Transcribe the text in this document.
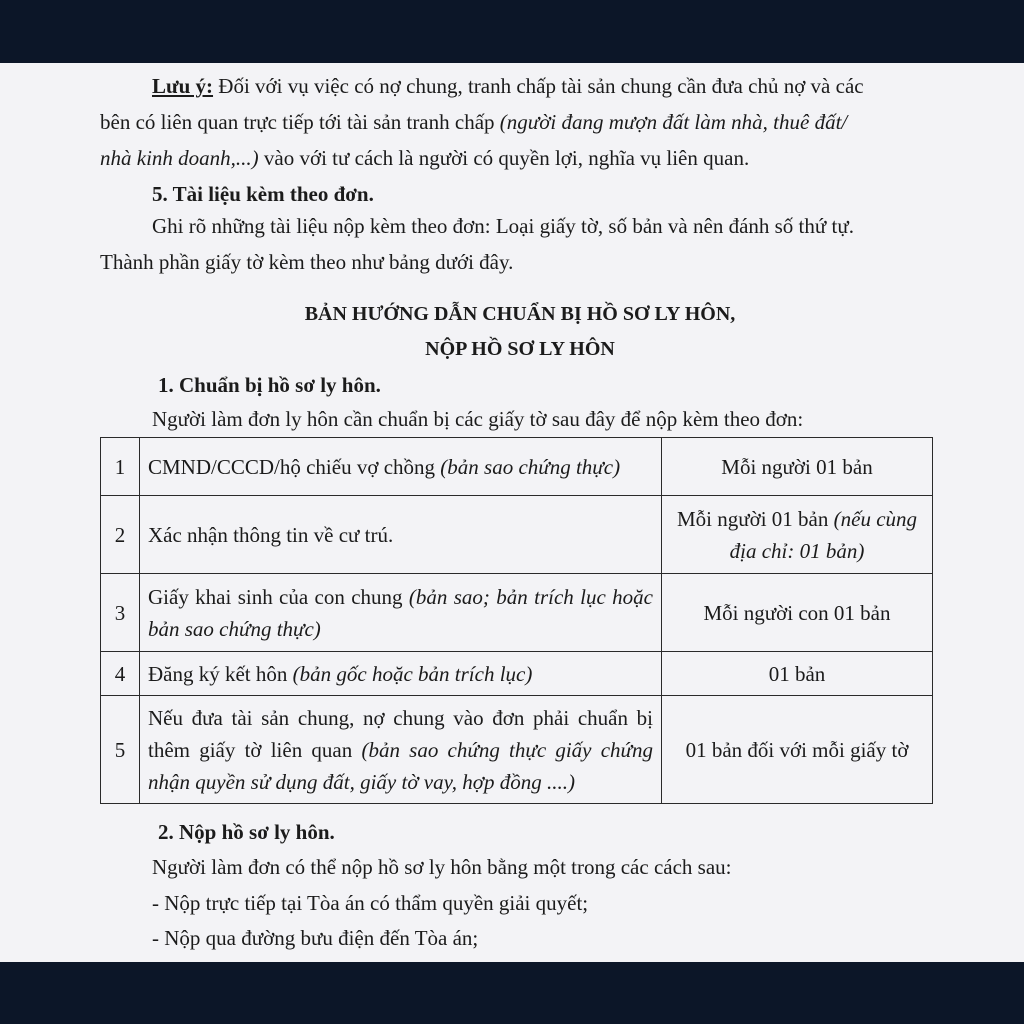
Lưu ý: Đối với vụ việc có nợ chung, tranh chấp tài sản chung cần đưa chủ nợ và các
bên có liên quan trực tiếp tới tài sản tranh chấp (người đang mượn đất làm nhà, thuê đất/
nhà kinh doanh,...) vào với tư cách là người có quyền lợi, nghĩa vụ liên quan.

5. Tài liệu kèm theo đơn.

Ghi rõ những tài liệu nộp kèm theo đơn: Loại giấy tờ, số bản và nên đánh số thứ tự.
Thành phần giấy tờ kèm theo như bảng dưới đây.

BẢN HƯỚNG DẪN CHUẨN BỊ HỒ SƠ LY HÔN,

NỘP HỒ SƠ LY HÔN

1. Chuẩn bị hồ sơ ly hôn.

Người làm đơn ly hôn cần chuẩn bị các giấy tờ sau đây để nộp kèm theo đơn:

1	CMND/CCCD/hộ chiếu vợ chồng (bản sao chứng thực)	Mỗi người 01 bản
2	Xác nhận thông tin về cư trú.	Mỗi người 01 bản (nếu cùng địa chỉ: 01 bản)
3	Giấy khai sinh của con chung (bản sao; bản trích lục hoặc bản sao chứng thực)	Mỗi người con 01 bản
4	Đăng ký kết hôn (bản gốc hoặc bản trích lục)	01 bản
5	Nếu đưa tài sản chung, nợ chung vào đơn phải chuẩn bị thêm giấy tờ liên quan (bản sao chứng thực giấy chứng nhận quyền sử dụng đất, giấy tờ vay, hợp đồng ....)	01 bản đối với mỗi giấy tờ

2. Nộp hồ sơ ly hôn.

Người làm đơn có thể nộp hồ sơ ly hôn bằng một trong các cách sau:

- Nộp trực tiếp tại Tòa án có thẩm quyền giải quyết;

- Nộp qua đường bưu điện đến Tòa án;
